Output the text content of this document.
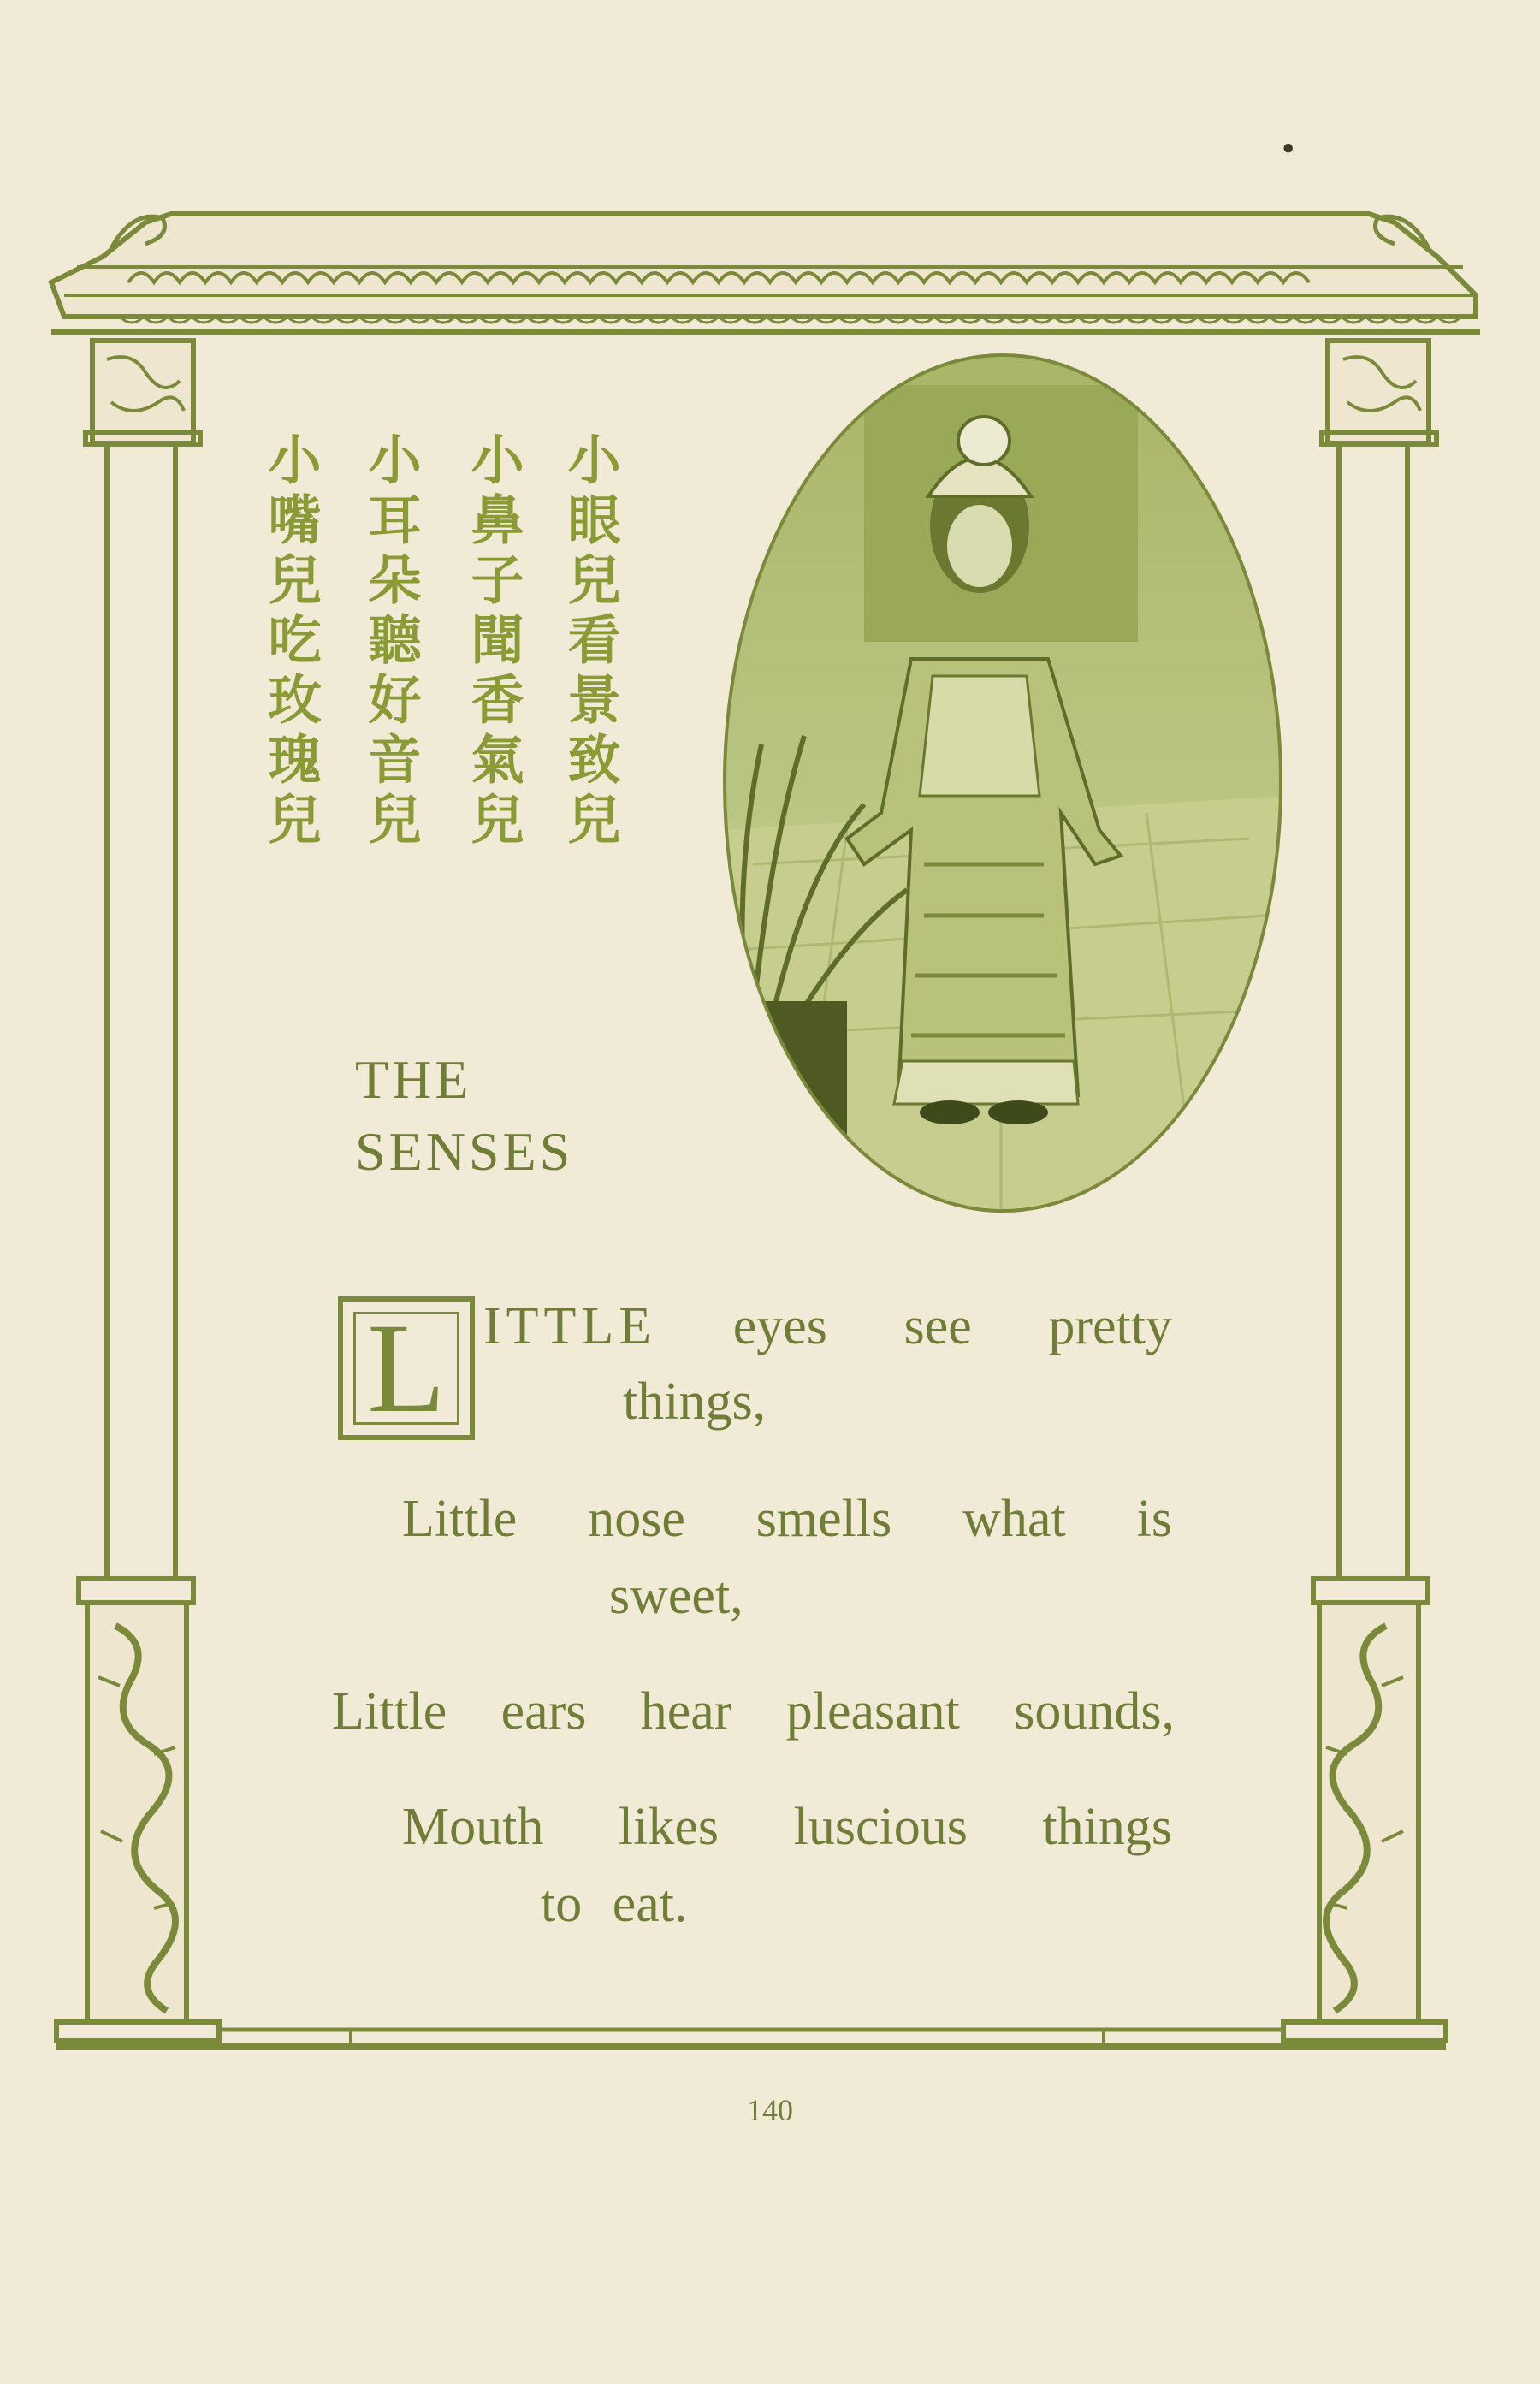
小眼兒看景致兒
小鼻子聞香氣兒
小耳朵聽好音兒
小嘴兒吃玫瑰兒
THE
SENSES
L ITTLE eyes see pretty
things,
Little nose smells what is
sweet,
Little ears hear pleasant sounds,
Mouth likes luscious things
to eat.
140
•
